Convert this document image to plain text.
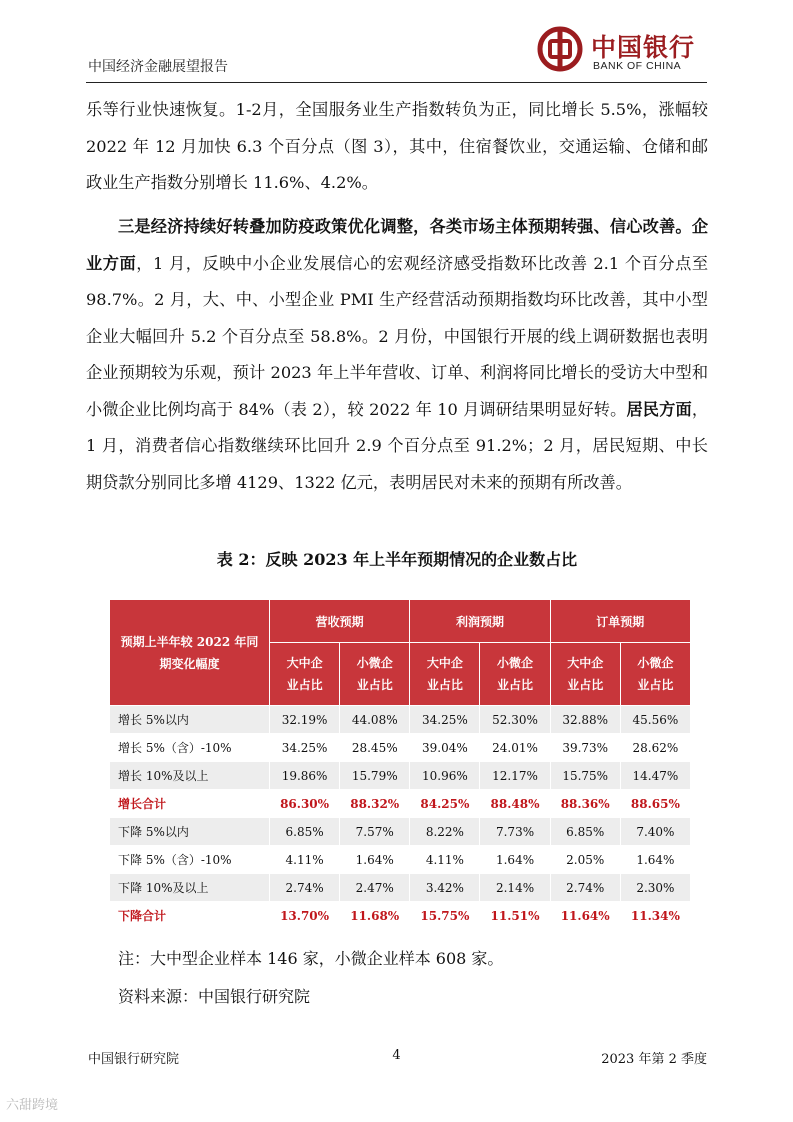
中国经济金融展望报告
中国银行
BANK OF CHINA

乐等行业快速恢复。1-2月，全国服务业生产指数转负为正，同比增长 5.5%，涨幅较 2022 年 12 月加快 6.3 个百分点（图 3），其中，住宿餐饮业，交通运输、仓储和邮政业生产指数分别增长 11.6%、4.2%。

三是经济持续好转叠加防疫政策优化调整，各类市场主体预期转强、信心改善。企业方面，1 月，反映中小企业发展信心的宏观经济感受指数环比改善 2.1 个百分点至 98.7%。2 月，大、中、小型企业 PMI 生产经营活动预期指数均环比改善，其中小型企业大幅回升 5.2 个百分点至 58.8%。2 月份，中国银行开展的线上调研数据也表明企业预期较为乐观，预计 2023 年上半年营收、订单、利润将同比增长的受访大中型和小微企业比例均高于 84%（表 2），较 2022 年 10 月调研结果明显好转。居民方面，1 月，消费者信心指数继续环比回升 2.9 个百分点至 91.2%；2 月，居民短期、中长期贷款分别同比多增 4129、1322 亿元，表明居民对未来的预期有所改善。

表 2：反映 2023 年上半年预期情况的企业数占比

预期上半年较 2022 年同期变化幅度	营收预期		利润预期		订单预期	
	大中企业占比	小微企业占比	大中企业占比	小微企业占比	大中企业占比	小微企业占比
增长 5%以内	32.19%	44.08%	34.25%	52.30%	32.88%	45.56%
增长 5%（含）-10%	34.25%	28.45%	39.04%	24.01%	39.73%	28.62%
增长 10%及以上	19.86%	15.79%	10.96%	12.17%	15.75%	14.47%
增长合计	86.30%	88.32%	84.25%	88.48%	88.36%	88.65%
下降 5%以内	6.85%	7.57%	8.22%	7.73%	6.85%	7.40%
下降 5%（含）-10%	4.11%	1.64%	4.11%	1.64%	2.05%	1.64%
下降 10%及以上	2.74%	2.47%	3.42%	2.14%	2.74%	2.30%
下降合计	13.70%	11.68%	15.75%	11.51%	11.64%	11.34%

注：大中型企业样本 146 家，小微企业样本 608 家。

资料来源：中国银行研究院

中国银行研究院	4	2023 年第 2 季度
六甜跨境
